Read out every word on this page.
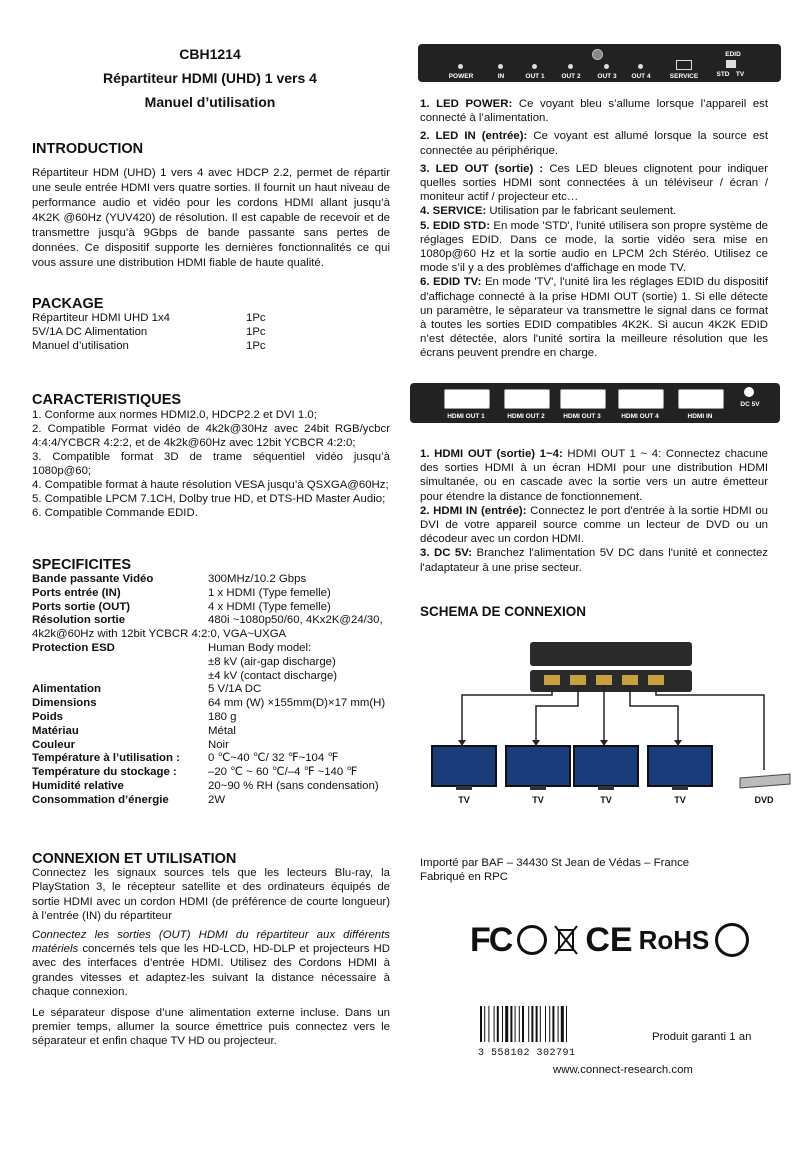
CBH1214
Répartiteur HDMI (UHD) 1 vers 4
Manuel d’utilisation
INTRODUCTION
Répartiteur HDM (UHD) 1 vers 4 avec HDCP 2.2, permet de répartir une seule entrée HDMI vers quatre sorties. Il fournit un haut niveau de performance audio et vidéo pour les cordons HDMI allant jusqu’à 4K2K @60Hz (YUV420) de résolution. Il est capable de recevoir et de transmettre jusqu’à 9Gbps de bande passante sans pertes de données. Ce dispositif supporte les dernières fonctionnalités ce qui vous assure une distribution HDMI fiable de haute qualité.
PACKAGE
Répartiteur HDMI UHD 1x4	1Pc
5V/1A DC Alimentation	1Pc
Manuel d’utilisation	1Pc
CARACTERISTIQUES
1. Conforme aux normes HDMI2.0, HDCP2.2 et DVI 1.0;
2. Compatible Format vidéo de 4k2k@30Hz avec 24bit RGB/ycbcr 4:4:4/YCBCR 4:2:2, et de 4k2k@60Hz avec 12bit YCBCR 4:2:0;
3. Compatible format 3D de trame séquentiel vidéo jusqu’à 1080p@60;
4. Compatible format à haute résolution VESA jusqu’à QSXGA@60Hz;
5. Compatible LPCM 7.1CH, Dolby true HD, et DTS-HD Master Audio;
6. Compatible Commande EDID.
SPECIFICITES
Bande passante Vidéo	300MHz/10.2 Gbps
Ports entrée (IN)	1 x HDMI (Type femelle)
Ports sortie (OUT)	4 x HDMI (Type femelle)
Résolution sortie	480i ~1080p50/60, 4Kx2K@24/30,
4k2k@60Hz with 12bit YCBCR 4:2:0, VGA~UXGA
Protection ESD	Human Body model:
±8 kV (air-gap discharge)
±4 kV (contact discharge)
Alimentation	5 V/1A DC
Dimensions	64 mm (W) ×155mm(D)×17 mm(H)
Poids	180 g
Matériau	Métal
Couleur	Noir
Température à l’utilisation :	0 ℃~40 ℃/ 32 ℉~104 ℉
Température du stockage :	–20 ℃ ~ 60 ℃/–4 ℉ ~140 ℉
Humidité relative	20~90 % RH (sans condensation)
Consommation d’énergie	2W
CONNEXION ET UTILISATION
Connectez les signaux sources tels que les lecteurs Blu-ray, la PlayStation 3, le récepteur satellite et des ordinateurs équipés de sortie HDMI avec un cordon HDMI (de préférence de courte longueur) à l’entrée (IN) du répartiteur
Connectez les sorties (OUT) HDMI du répartiteur aux différents matériels concernés tels que les HD-LCD, HD-DLP et projecteurs HD avec des interfaces d’entrée HDMI. Utilisez des Cordons HDMI à grandes vitesses et adaptez-les suivant la distance nécessaire à chaque connexion.
Le séparateur dispose d’une alimentation externe incluse. Dans un premier temps, allumer la source émettrice puis connectez vers le séparateur et enfin chaque TV HD ou projecteur.
EDID
POWER	IN	OUT 1	OUT 2	OUT 3	OUT 4	SERVICE	STD TV
1. LED POWER: Ce voyant bleu s’allume lorsque l’appareil est connecté à l’alimentation.
2. LED IN (entrée): Ce voyant est allumé lorsque la source est connectée au périphérique.
3. LED OUT (sortie) : Ces LED bleues clignotent pour indiquer quelles sorties HDMI sont connectées à un téléviseur / écran / moniteur actif / projecteur etc…
4. SERVICE: Utilisation par le fabricant seulement.
5. EDID STD: En mode 'STD', l'unité utilisera son propre système de réglages EDID. Dans ce mode, la sortie vidéo sera mise en 1080p@60 Hz et la sortie audio en LPCM 2ch Stéréo. Utilisez ce mode s’il y a des problèmes d'affichage en mode TV.
6. EDID TV: En mode 'TV', l'unité lira les réglages EDID du dispositif d'affichage connecté à la prise HDMI OUT (sortie) 1. Si elle détecte un paramètre, le séparateur va transmettre le signal dans ce format à toutes les sorties EDID compatibles 4K2K. Si aucun 4K2K EDID n’est détectée, alors l'unité sortira la meilleure résolution que les écrans peuvent prendre en charge.
HDMI OUT 1	HDMI OUT 2	HDMI OUT 3	HDMI OUT 4	HDMI IN
DC 5V
1. HDMI OUT (sortie) 1~4: HDMI OUT 1 ~ 4: Connectez chacune des sorties HDMI à un écran HDMI pour une distribution HDMI simultanée, ou en cascade avec la sortie vers un autre émetteur pour étendre la distance de fonctionnement.
2. HDMI IN (entrée): Connectez le port d'entrée à la sortie HDMI ou DVI de votre appareil source comme un lecteur de DVD ou un décodeur avec un cordon HDMI.
3. DC 5V: Branchez l'alimentation 5V DC dans l'unité et connectez l'adaptateur à une prise secteur.
SCHEMA DE CONNEXION
TV	TV	TV	TV	DVD
Importé par BAF – 34430 St Jean de Védas – France
Fabriqué en RPC
FC CE RoHS
3 558102 302791
Produit garanti 1 an
www.connect-research.com
